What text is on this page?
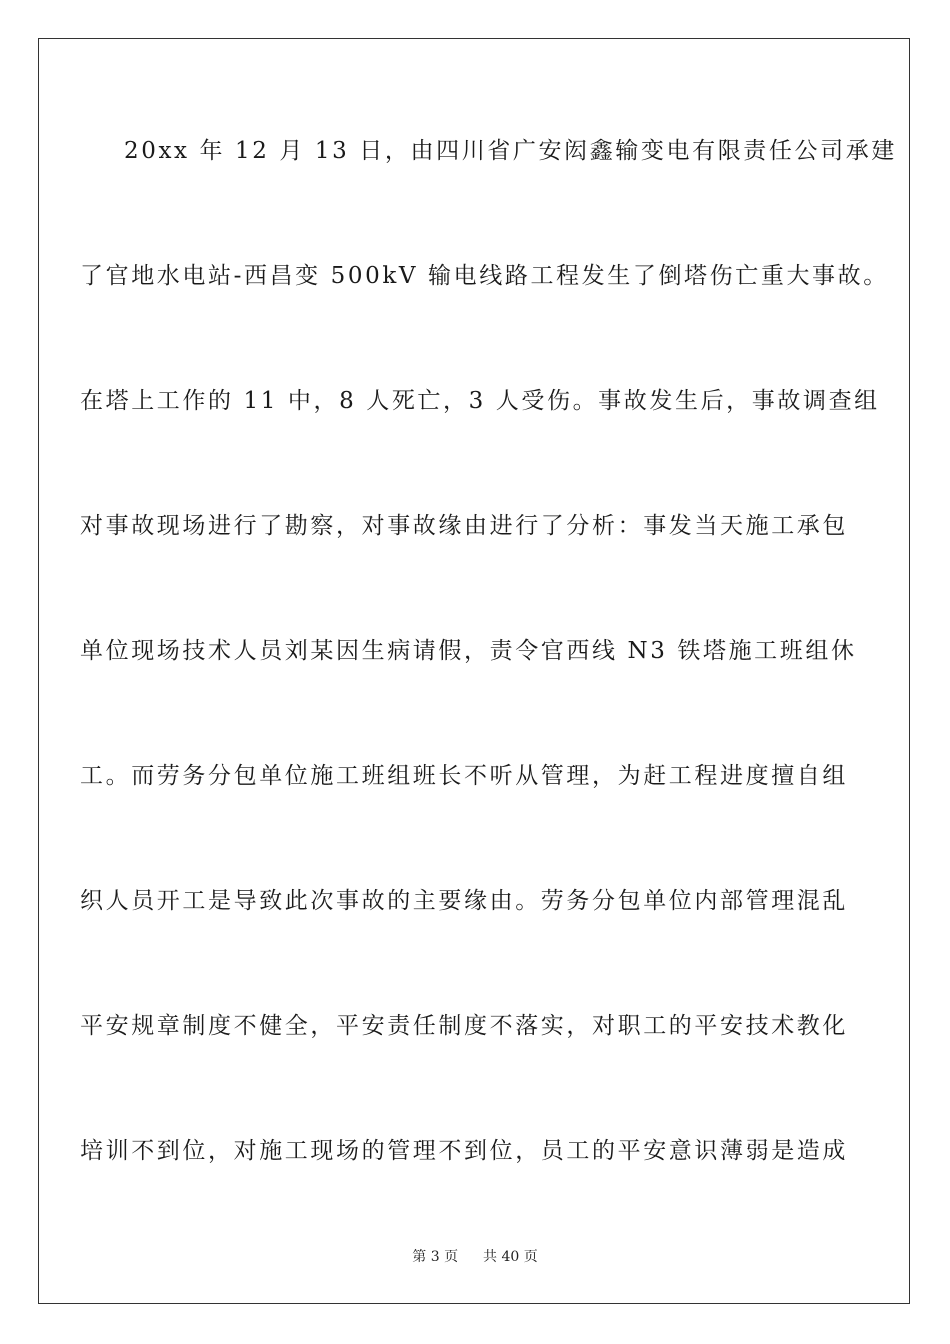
20xx 年 12 月 13 日，由四川省广安闳鑫输变电有限责任公司承建
了官地水电站-西昌变 500kV 输电线路工程发生了倒塔伤亡重大事故。
在塔上工作的 11 中，8 人死亡，3 人受伤。事故发生后，事故调查组
对事故现场进行了勘察，对事故缘由进行了分析：事发当天施工承包
单位现场技术人员刘某因生病请假，责令官西线 N3 铁塔施工班组休
工。而劳务分包单位施工班组班长不听从管理，为赶工程进度擅自组
织人员开工是导致此次事故的主要缘由。劳务分包单位内部管理混乱
平安规章制度不健全，平安责任制度不落实，对职工的平安技术教化
培训不到位，对施工现场的管理不到位，员工的平安意识薄弱是造成
第 3 页 共 40 页
